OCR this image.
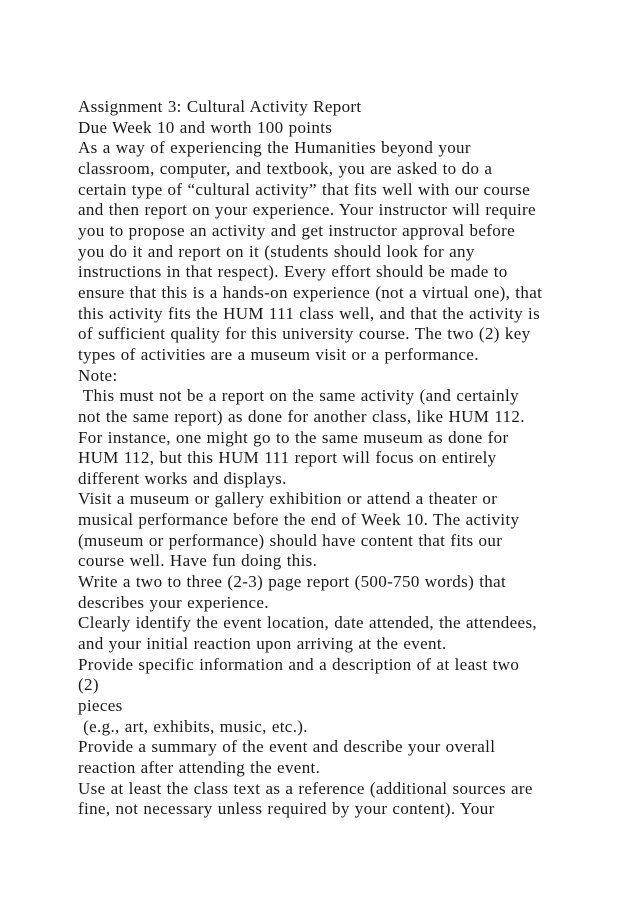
Assignment 3: Cultural Activity Report
Due Week 10 and worth 100 points
As a way of experiencing the Humanities beyond your
classroom, computer, and textbook, you are asked to do a
certain type of “cultural activity” that fits well with our course
and then report on your experience. Your instructor will require
you to propose an activity and get instructor approval before
you do it and report on it (students should look for any
instructions in that respect). Every effort should be made to
ensure that this is a hands-on experience (not a virtual one), that
this activity fits the HUM 111 class well, and that the activity is
of sufficient quality for this university course. The two (2) key
types of activities are a museum visit or a performance.
Note:
This must not be a report on the same activity (and certainly
not the same report) as done for another class, like HUM 112.
For instance, one might go to the same museum as done for
HUM 112, but this HUM 111 report will focus on entirely
different works and displays.
Visit a museum or gallery exhibition or attend a theater or
musical performance before the end of Week 10. The activity
(museum or performance) should have content that fits our
course well. Have fun doing this.
Write a two to three (2-3) page report (500-750 words) that
describes your experience.
Clearly identify the event location, date attended, the attendees,
and your initial reaction upon arriving at the event.
Provide specific information and a description of at least two
(2)
pieces
(e.g., art, exhibits, music, etc.).
Provide a summary of the event and describe your overall
reaction after attending the event.
Use at least the class text as a reference (additional sources are
fine, not necessary unless required by your content). Your
